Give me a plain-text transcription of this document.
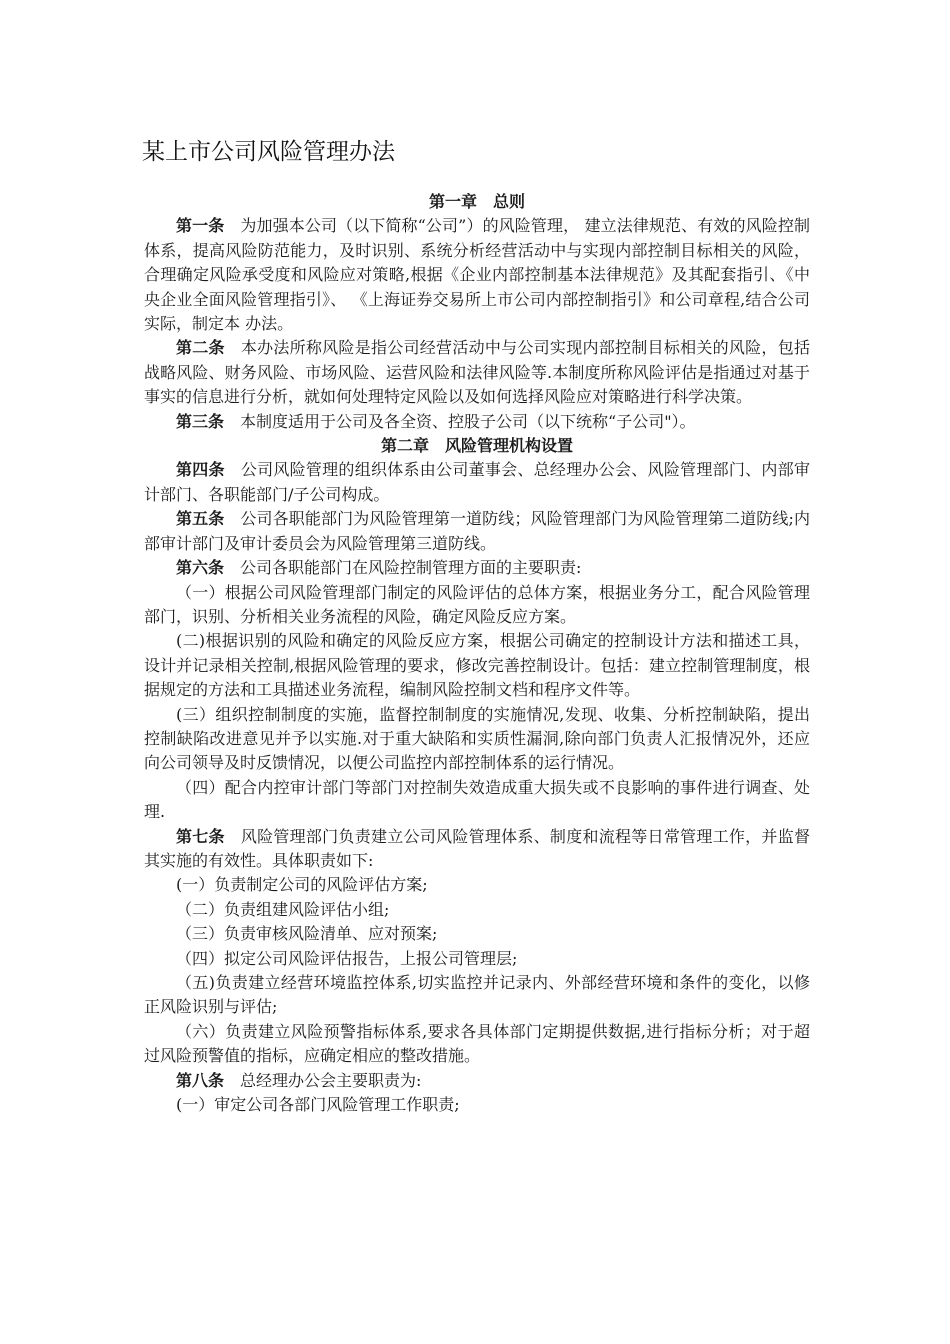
某上市公司风险管理办法

第一章　总则

第一条 为加强本公司（以下简称“公司”）的风险管理， 建立法律规范、有效的风险控制体系，提高风险防范能力，及时识别、系统分析经营活动中与实现内部控制目标相关的风险，合理确定风险承受度和风险应对策略,根据《企业内部控制基本法律规范》及其配套指引、《中央企业全面风险管理指引》、 《上海证券交易所上市公司内部控制指引》和公司章程,结合公司实际，制定本 办法。

第二条 本办法所称风险是指公司经营活动中与公司实现内部控制目标相关的风险，包括战略风险、财务风险、市场风险、运营风险和法律风险等.本制度所称风险评估是指通过对基于事实的信息进行分析，就如何处理特定风险以及如何选择风险应对策略进行科学决策。

第三条 本制度适用于公司及各全资、控股子公司（以下统称“子公司"）。

第二章　风险管理机构设置

第四条 公司风险管理的组织体系由公司董事会、总经理办公会、风险管理部门、内部审计部门、各职能部门/子公司构成。

第五条 公司各职能部门为风险管理第一道防线；风险管理部门为风险管理第二道防线;内部审计部门及审计委员会为风险管理第三道防线。

第六条 公司各职能部门在风险控制管理方面的主要职责:

（一）根据公司风险管理部门制定的风险评估的总体方案，根据业务分工，配合风险管理部门，识别、分析相关业务流程的风险，确定风险反应方案。

(二)根据识别的风险和确定的风险反应方案，根据公司确定的控制设计方法和描述工具，设计并记录相关控制,根据风险管理的要求，修改完善控制设计。包括：建立控制管理制度，根据规定的方法和工具描述业务流程，编制风险控制文档和程序文件等。

(三）组织控制制度的实施，监督控制制度的实施情况,发现、收集、分析控制缺陷，提出控制缺陷改进意见并予以实施.对于重大缺陷和实质性漏洞,除向部门负责人汇报情况外，还应向公司领导及时反馈情况，以便公司监控内部控制体系的运行情况。

（四）配合内控审计部门等部门对控制失效造成重大损失或不良影响的事件进行调查、处理.

第七条 风险管理部门负责建立公司风险管理体系、制度和流程等日常管理工作，并监督其实施的有效性。具体职责如下:

(一）负责制定公司的风险评估方案;

（二）负责组建风险评估小组;

（三）负责审核风险清单、应对预案;

（四）拟定公司风险评估报告，上报公司管理层;

（五)负责建立经营环境监控体系,切实监控并记录内、外部经营环境和条件的变化，以修正风险识别与评估;

（六）负责建立风险预警指标体系,要求各具体部门定期提供数据,进行指标分析；对于超过风险预警值的指标，应确定相应的整改措施。

第八条 总经理办公会主要职责为:

(一）审定公司各部门风险管理工作职责;
